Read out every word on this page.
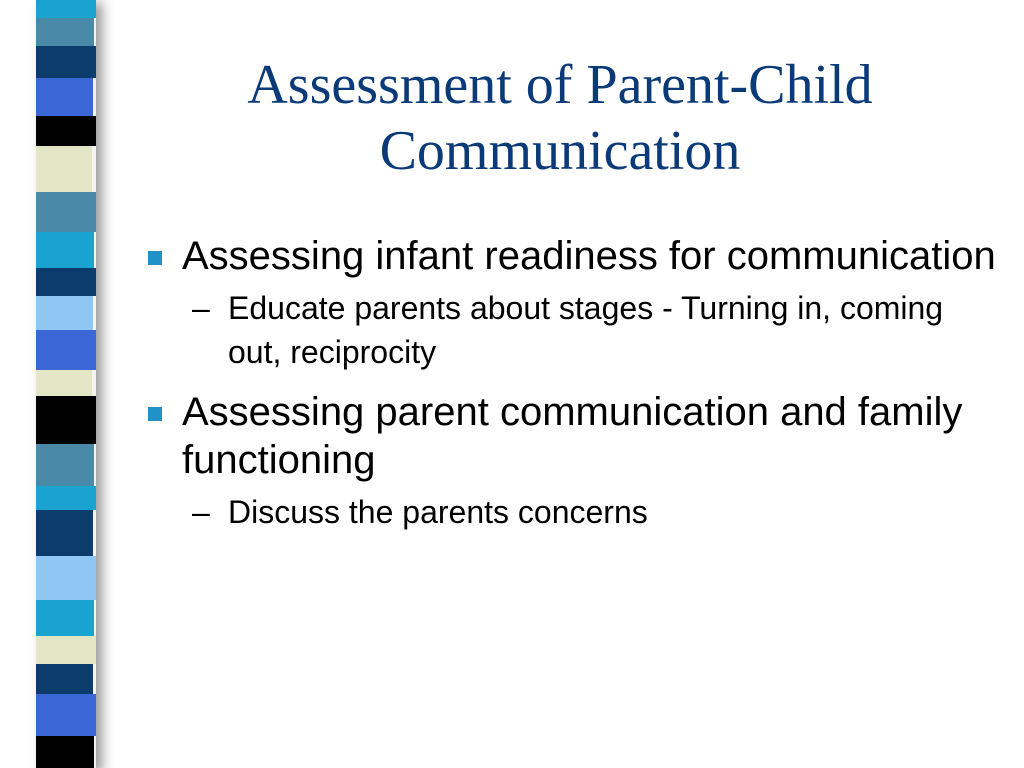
Assessment of Parent-Child Communication
Assessing infant readiness for communication
– Educate parents about stages - Turning in, coming out, reciprocity
Assessing parent communication and family functioning
– Discuss the parents concerns
